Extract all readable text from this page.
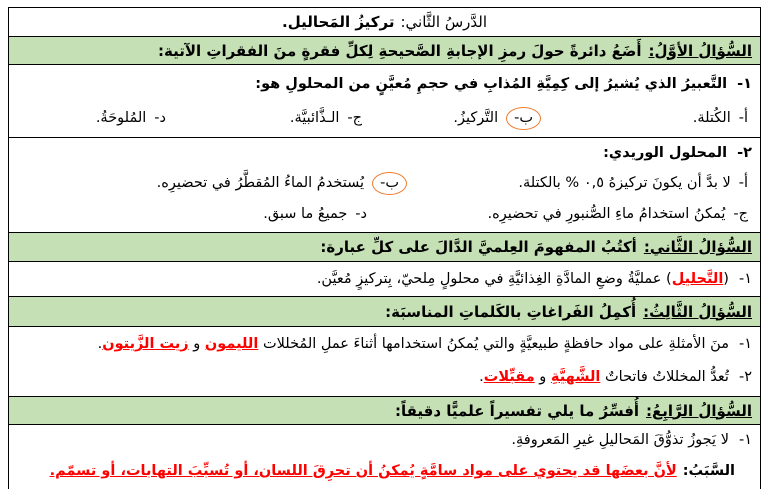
الدَّرسُ الثَّاني:
تركيزُ المَحاليل.
السُّؤالُ الأوَّلُ:
أَضَعُ دائرةً حولَ رمزِ الإجابةِ الصَّحيحةِ لِكلِّ فقرةٍ منَ الفقراتِ الآتية:
١-التَّعبيرُ الذي يُشيرُ إلى كِمِيَّةِ المُذابِ في حجمِ مُعيَّنٍ من المحلولِ هو:
أ-الكُتلة.
ب-التَّركيزُ.
ج-الـذَّائبيَّة.
د-المُلوحَةُ.
٢-المحلول الوريدي:
أ-لا بدَّ أن يكونَ تركيزهُ ٠,٥ % بالكتلة.
ب-يُستخدمُ الماءُ المُقطَّرُ في تحضيرِه.
ج-يُمكنُ استخدامُ ماءِ الصُّنبورِ في تحضيرِه.
د-جميعُ ما سبق.
السُّؤالُ الثَّاني:
أكتُبُ المفهومَ العِلميَّ الدَّالَ على كلِّ عبارة:
١-(التَّحليل) عمليَّةُ وضعِ المادَّةِ الغِذائيَّةِ في محلولٍ مِلحيّ، بِتركيزٍ مُعيَّن.
السُّؤالُ الثَّالِثُ:
أُكمِلُ الفَراغاتِ بالكَلماتِ المناسبَة:
١-منَ الأمثلةِ على مواد حافظةٍ طبيعيَّةٍ والتي يُمكنُ استخدامها أثناءَ عملِ المُخللات الليمون و زيت الزَّيتون.
٢-تُعدُّ المخللاتُ فاتحاتٌ الشَّهيَّةِ و مقبِّلات.
السُّؤالُ الرَّابِعُ:
أُفسِّرُ ما يلي تفسيراً علميًّا دقيقاً:
١-لا يَجوزُ تذوُّقَ المَحاليلِ غيرِ المَعروفةِ.
السَّبَبُ:لأنَّ بعضَها قد يحتوي على مواد سامَّةٍ يُمكنُ أن تحرِقَ اللسان، أو تُسبِّبَ التهابات، أو تسمّم.
